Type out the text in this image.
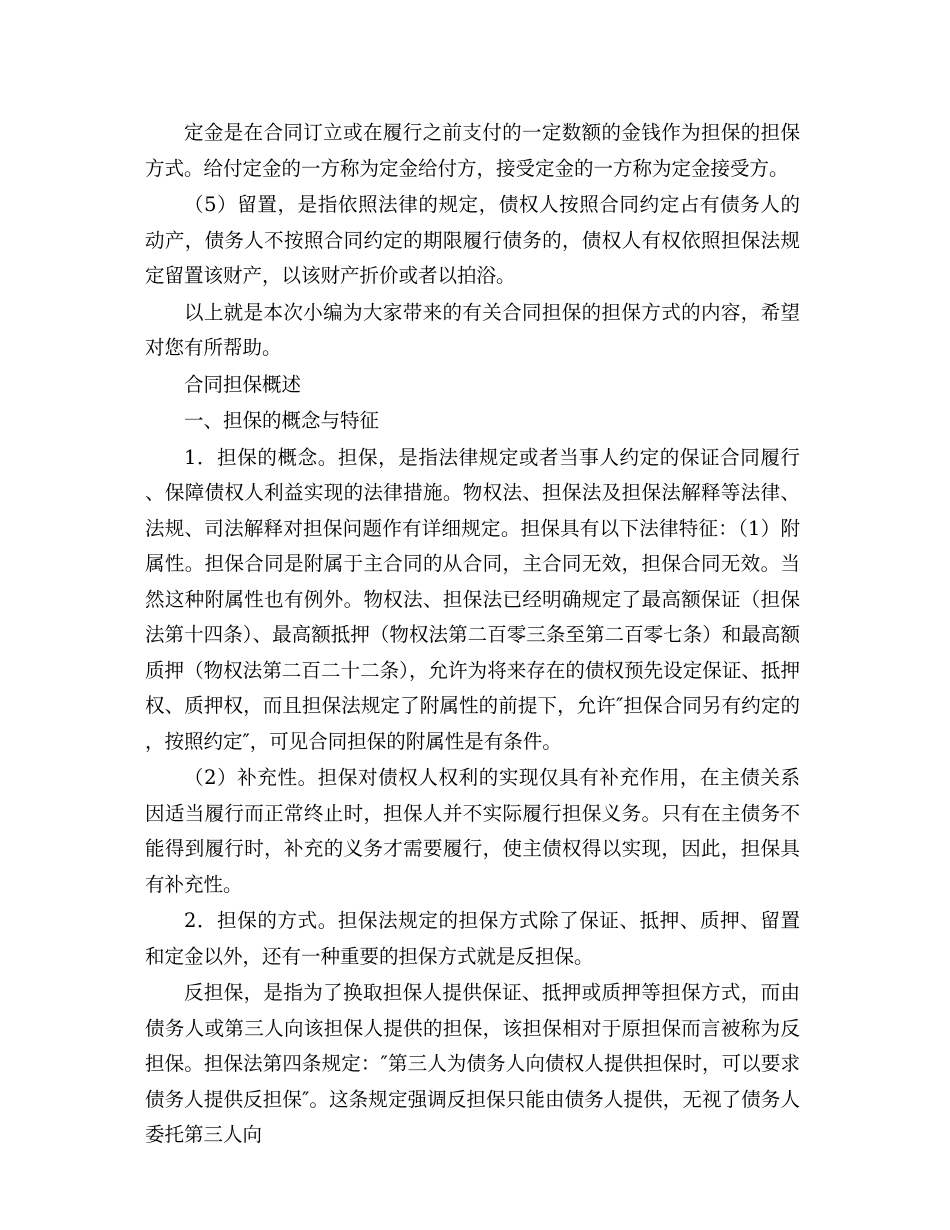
定金是在合同订立或在履行之前支付的一定数额的金钱作为担保的担保方式。给付定金的一方称为定金给付方，接受定金的一方称为定金接受方。

（5）留置，是指依照法律的规定，债权人按照合同约定占有债务人的动产，债务人不按照合同约定的期限履行债务的，债权人有权依照担保法规定留置该财产，以该财产折价或者以拍浴。

以上就是本次小编为大家带来的有关合同担保的担保方式的内容，希望对您有所帮助。

合同担保概述

一、担保的概念与特征

1．担保的概念。担保，是指法律规定或者当事人约定的保证合同履行、保障债权人利益实现的法律措施。物权法、担保法及担保法解释等法律、法规、司法解释对担保问题作有详细规定。担保具有以下法律特征：（1）附属性。担保合同是附属于主合同的从合同，主合同无效，担保合同无效。当然这种附属性也有例外。物权法、担保法已经明确规定了最高额保证（担保法第十四条）、最高额抵押（物权法第二百零三条至第二百零七条）和最高额质押（物权法第二百二十二条），允许为将来存在的债权预先设定保证、抵押权、质押权，而且担保法规定了附属性的前提下，允许″担保合同另有约定的，按照约定″，可见合同担保的附属性是有条件。

（2）补充性。担保对债权人权利的实现仅具有补充作用，在主债关系因适当履行而正常终止时，担保人并不实际履行担保义务。只有在主债务不能得到履行时，补充的义务才需要履行，使主债权得以实现，因此，担保具有补充性。

2．担保的方式。担保法规定的担保方式除了保证、抵押、质押、留置和定金以外，还有一种重要的担保方式就是反担保。

反担保，是指为了换取担保人提供保证、抵押或质押等担保方式，而由债务人或第三人向该担保人提供的担保，该担保相对于原担保而言被称为反担保。担保法第四条规定：″第三人为债务人向债权人提供担保时，可以要求债务人提供反担保″。这条规定强调反担保只能由债务人提供，无视了债务人委托第三人向
